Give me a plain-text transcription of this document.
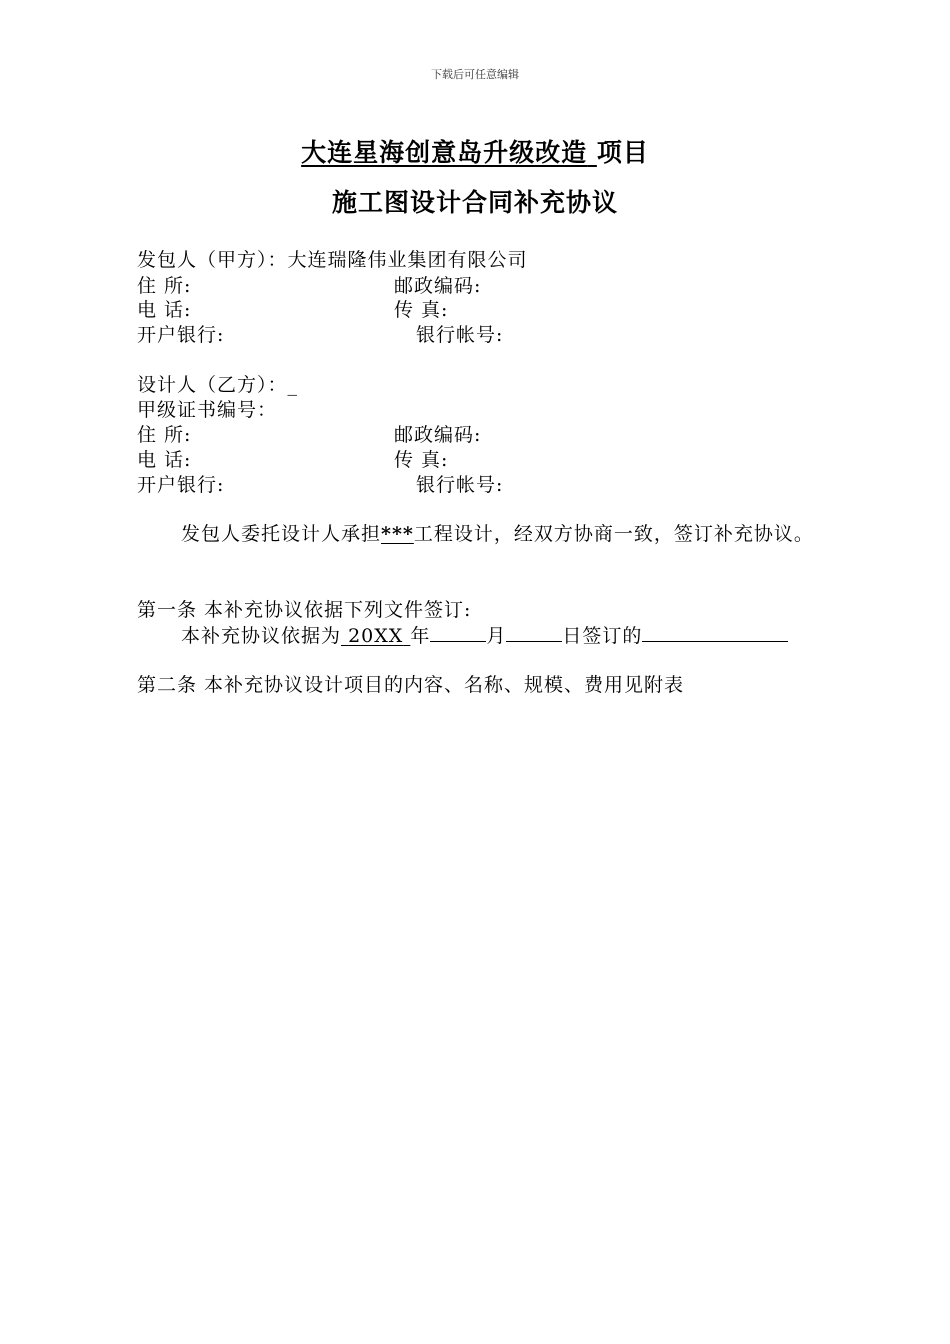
下载后可任意编辑
大连星海创意岛升级改造 项目
施工图设计合同补充协议
发包人（甲方）：大连瑞隆伟业集团有限公司
住 所:	邮政编码:
电 话:	传 真:
开户银行:	银行帐号:
设计人（乙方）：_
甲级证书编号：
住 所:	邮政编码:
电 话:	传 真:
开户银行:	银行帐号:
发包人委托设计人承担***工程设计，经双方协商一致，签订补充协议。
第一条 本补充协议依据下列文件签订:
本补充协议依据为 20XX 年	月	日签订的
第二条 本补充协议设计项目的内容、名称、规模、费用见附表
